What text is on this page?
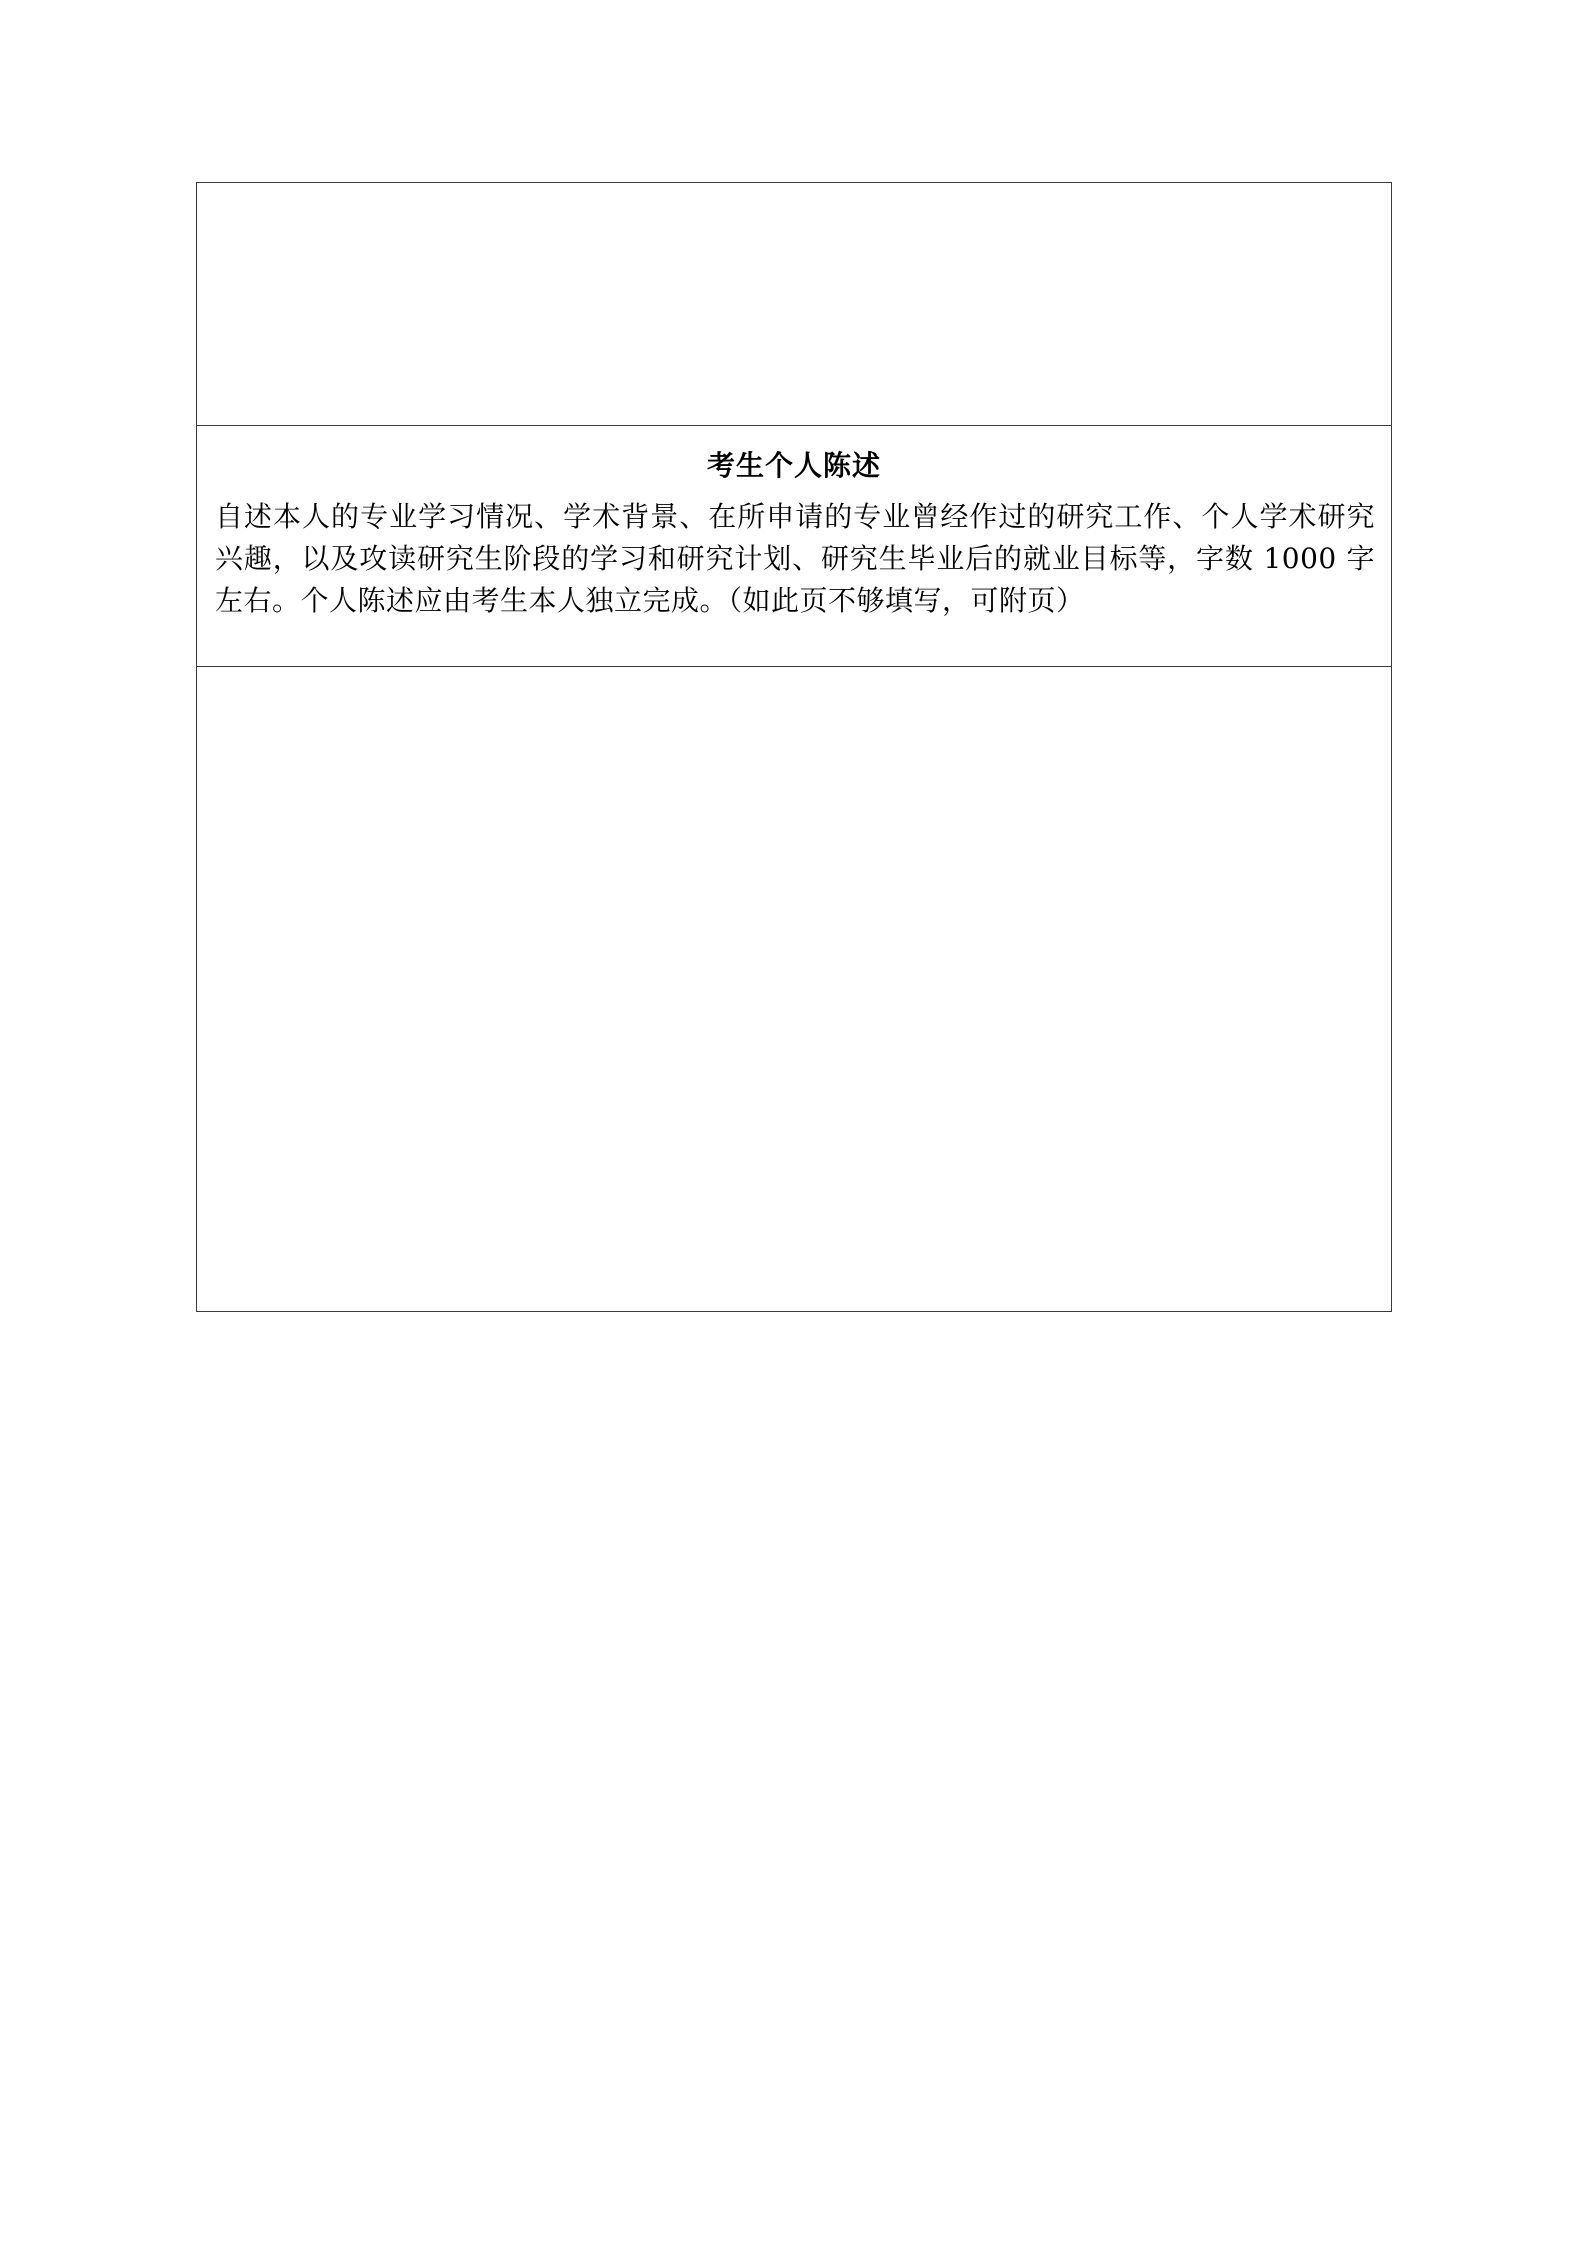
考生个人陈述
自述本人的专业学习情况、学术背景、在所申请的专业曾经作过的研究工作、个人学术研究兴趣，以及攻读研究生阶段的学习和研究计划、研究生毕业后的就业目标等，字数 1000 字左右。个人陈述应由考生本人独立完成。（如此页不够填写，可附页）
